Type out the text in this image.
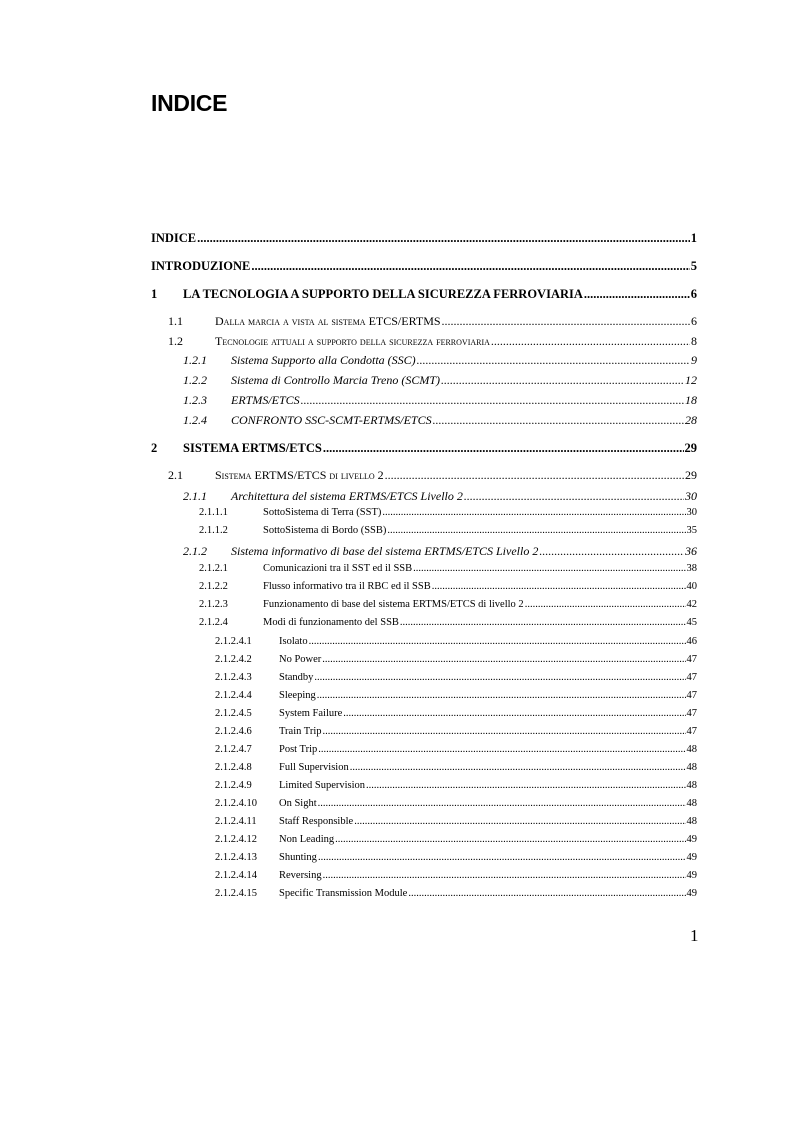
INDICE
INDICE .....	1
INTRODUZIONE .....	5
1 LA TECNOLOGIA A SUPPORTO DELLA SICUREZZA FERROVIARIA .....	6
1.1	Dalla marcia a vista al sistema ETCS/ERTMS .....	6
1.2	Tecnologie attuali a supporto della sicurezza ferroviaria .....	8
1.2.1 Sistema Supporto alla Condotta (SSC) .....	9
1.2.2 Sistema di Controllo Marcia Treno (SCMT) .....	12
1.2.3 ERTMS/ETCS .....	18
1.2.4 CONFRONTO SSC-SCMT-ERTMS/ETCS .....	28
2 SISTEMA ERTMS/ETCS .....	29
2.1	Sistema ERTMS/ETCS di livello 2 .....	29
2.1.1 Architettura del sistema ERTMS/ETCS Livello 2 .....	30
2.1.1.1	SottoSistema di Terra (SST) .....	30
2.1.1.2	SottoSistema di Bordo (SSB) .....	35
2.1.2 Sistema informativo di base del sistema ERTMS/ETCS Livello 2 .....	36
2.1.2.1	Comunicazioni tra il SST ed il SSB .....	38
2.1.2.2	Flusso informativo tra il RBC ed il SSB .....	40
2.1.2.3	Funzionamento di base del sistema ERTMS/ETCS di livello 2 .....	42
2.1.2.4	Modi di funzionamento del SSB .....	45
2.1.2.4.1	Isolato .....	46
2.1.2.4.2	No Power .....	47
2.1.2.4.3	Standby .....	47
2.1.2.4.4	Sleeping .....	47
2.1.2.4.5	System Failure .....	47
2.1.2.4.6	Train Trip .....	47
2.1.2.4.7	Post Trip .....	48
2.1.2.4.8	Full Supervision .....	48
2.1.2.4.9	Limited Supervision .....	48
2.1.2.4.10 On Sight .....	48
2.1.2.4.11 Staff Responsible .....	48
2.1.2.4.12 Non Leading .....	49
2.1.2.4.13 Shunting .....	49
2.1.2.4.14 Reversing .....	49
2.1.2.4.15 Specific Transmission Module .....	49
1
